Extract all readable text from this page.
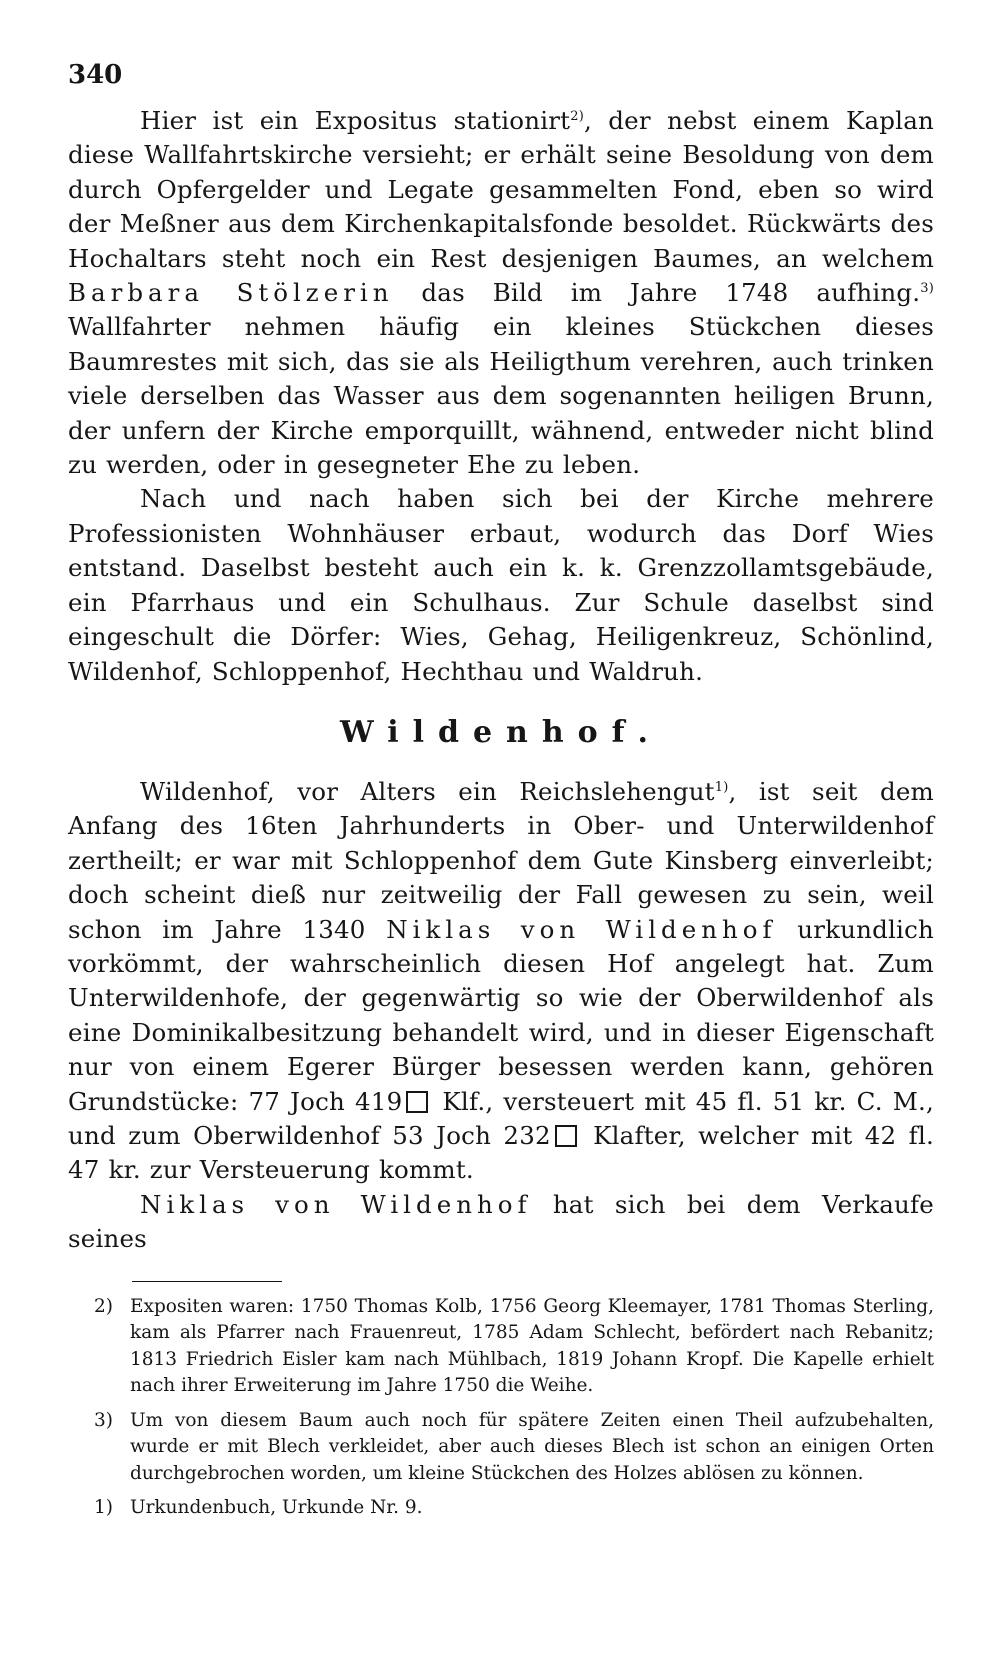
340

Hier ist ein Expositus stationirt$^{2)}$, der nebst einem Kaplan diese Wallfahrtskirche versieht; er erhält seine Besoldung von dem durch Opfergelder und Legate gesammelten Fond, eben so wird der Meßner aus dem Kirchenkapitalsfonde besoldet. Rückwärts des Hochaltars steht noch ein Rest desjenigen Baumes, an welchem Barbara Stölzerin das Bild im Jahre 1748 aufhing.$^{3)}$ Wallfahrter nehmen häufig ein kleines Stückchen dieses Baumrestes mit sich, das sie als Heiligthum verehren, auch trinken viele derselben das Wasser aus dem sogenannten heiligen Brunn, der unfern der Kirche emporquillt, wähnend, entweder nicht blind zu werden, oder in gesegneter Ehe zu leben.

Nach und nach haben sich bei der Kirche mehrere Professionisten Wohnhäuser erbaut, wodurch das Dorf Wies entstand. Daselbst besteht auch ein k. k. Grenzzollamtsgebäude, ein Pfarrhaus und ein Schulhaus. Zur Schule daselbst sind eingeschult die Dörfer: Wies, Gehag, Heiligenkreuz, Schönlind, Wildenhof, Schloppenhof, Hechthau und Waldruh.

Wildenhof.

Wildenhof, vor Alters ein Reichslehengut$^{1)}$, ist seit dem Anfang des 16ten Jahrhunderts in Ober- und Unterwildenhof zertheilt; er war mit Schloppenhof dem Gute Kinsberg einverleibt; doch scheint dieß nur zeitweilig der Fall gewesen zu sein, weil schon im Jahre 1340 Niklas von Wildenhof urkundlich vorkömmt, der wahrscheinlich diesen Hof angelegt hat. Zum Unterwildenhofe, der gegenwärtig so wie der Oberwildenhof als eine Dominikalbesitzung behandelt wird, und in dieser Eigenschaft nur von einem Egerer Bürger besessen werden kann, gehören Grundstücke: 77 Joch 419 Klf., versteuert mit 45 fl. 51 kr. C. M., und zum Oberwildenhof 53 Joch 232 Klafter, welcher mit 42 fl. 47 kr. zur Versteuerung kommt.

Niklas von Wildenhof hat sich bei dem Verkaufe seines

2) Expositen waren: 1750 Thomas Kolb, 1756 Georg Kleemayer, 1781 Thomas Sterling, kam als Pfarrer nach Frauenreut, 1785 Adam Schlecht, befördert nach Rebanitz; 1813 Friedrich Eisler kam nach Mühlbach, 1819 Johann Kropf. Die Kapelle erhielt nach ihrer Erweiterung im Jahre 1750 die Weihe.

3) Um von diesem Baum auch noch für spätere Zeiten einen Theil aufzubehalten, wurde er mit Blech verkleidet, aber auch dieses Blech ist schon an einigen Orten durchgebrochen worden, um kleine Stückchen des Holzes ablösen zu können.

1) Urkundenbuch, Urkunde Nr. 9.
